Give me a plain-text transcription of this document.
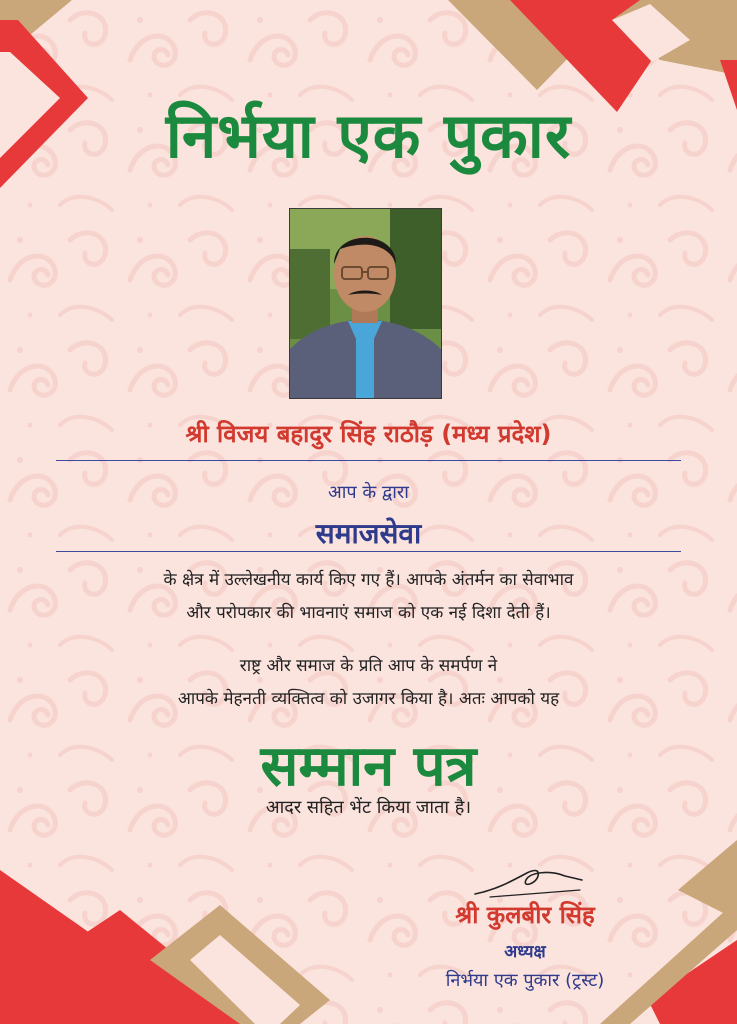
निर्भया एक पुकार
श्री विजय बहादुर सिंह राठौड़ (मध्य प्रदेश)
आप के द्वारा
समाजसेवा
के क्षेत्र में उल्लेखनीय कार्य किए गए हैं। आपके अंतर्मन का सेवाभाव
और परोपकार की भावनाएं समाज को एक नई दिशा देती हैं।
राष्ट्र और समाज के प्रति आप के समर्पण ने
आपके मेहनती व्यक्तित्व को उजागर किया है। अतः आपको यह
सम्मान पत्र
आदर सहित भेंट किया जाता है।
श्री कुलबीर सिंह
अध्यक्ष
निर्भया एक पुकार (ट्रस्ट)
